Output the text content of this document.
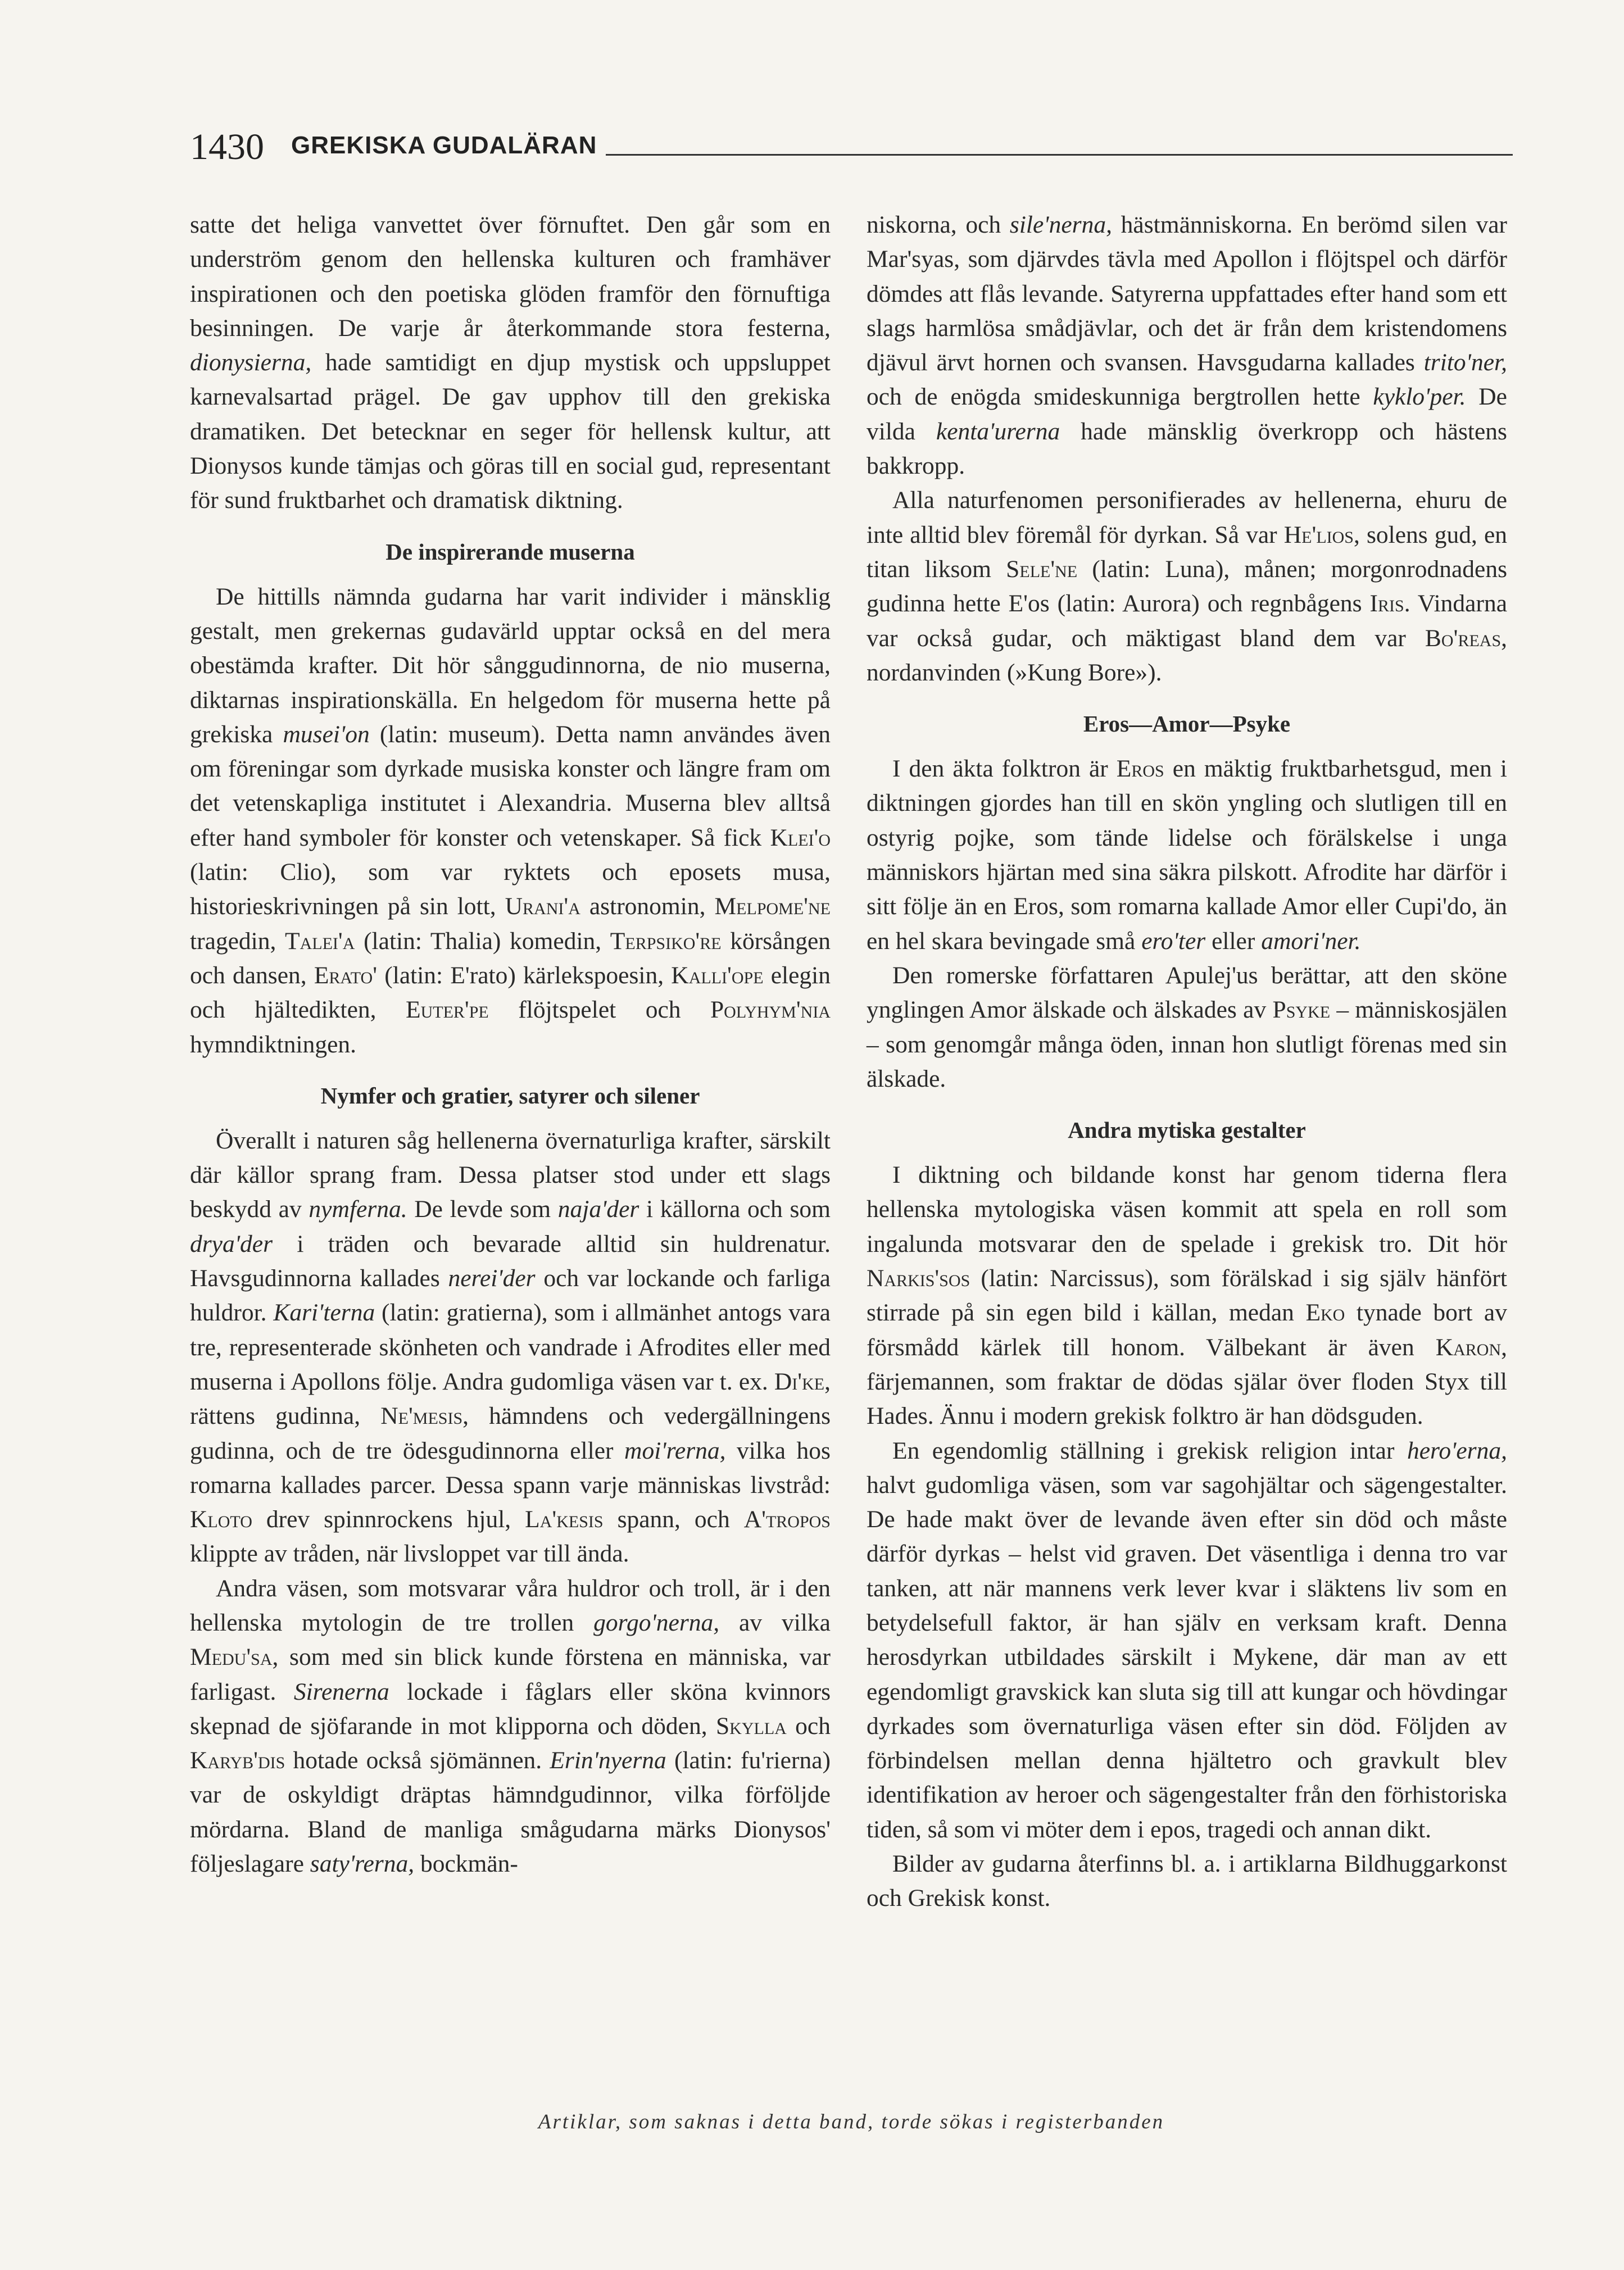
1430 GREKISKA GUDALÄRAN

satte det heliga vanvettet över förnuftet. Den går som en underström genom den hellenska kulturen och framhäver inspirationen och den poetiska glöden framför den förnuftiga besinningen. De varje år återkommande stora festerna, dionysierna, hade samtidigt en djup mystisk och uppsluppet karnevalsartad prägel. De gav upphov till den grekiska dramatiken. Det betecknar en seger för hellensk kultur, att Dionysos kunde tämjas och göras till en social gud, representant för sund fruktbarhet och dramatisk diktning.

De inspirerande muserna

De hittills nämnda gudarna har varit individer i mänsklig gestalt, men grekernas gudavärld upptar också en del mera obestämda krafter. Dit hör sånggudinnorna, de nio muserna, diktarnas inspirationskälla. En helgedom för muserna hette på grekiska musei'on (latin: museum). Detta namn användes även om föreningar som dyrkade musiska konster och längre fram om det vetenskapliga institutet i Alexandria. Muserna blev alltså efter hand symboler för konster och vetenskaper. Så fick Klei'o (latin: Clio), som var ryktets och eposets musa, historieskrivningen på sin lott, Urani'a astronomin, Melpome'ne tragedin, Talei'a (latin: Thalia) komedin, Terpsiko're körsången och dansen, Erato' (latin: E'rato) kärlekspoesin, Kalli'ope elegin och hjältedikten, Euter'pe flöjtspelet och Polyhym'nia hymndiktningen.

Nymfer och gratier, satyrer och silener

Överallt i naturen såg hellenerna övernaturliga krafter, särskilt där källor sprang fram. Dessa platser stod under ett slags beskydd av nymferna. De levde som naja'der i källorna och som drya'der i träden och bevarade alltid sin huldrenatur. Havsgudinnorna kallades nerei'der och var lockande och farliga huldror. Kari'terna (latin: gratierna), som i allmänhet antogs vara tre, representerade skönheten och vandrade i Afrodites eller med muserna i Apollons följe. Andra gudomliga väsen var t. ex. Di'ke, rättens gudinna, Ne'mesis, hämndens och vedergällningens gudinna, och de tre ödesgudinnorna eller moi'rerna, vilka hos romarna kallades parcer. Dessa spann varje människas livstråd: Kloto drev spinnrockens hjul, La'kesis spann, och A'tropos klippte av tråden, när livsloppet var till ända.

Andra väsen, som motsvarar våra huldror och troll, är i den hellenska mytologin de tre trollen gorgo'nerna, av vilka Medu'sa, som med sin blick kunde förstena en människa, var farligast. Sirenerna lockade i fåglars eller sköna kvinnors skepnad de sjöfarande in mot klipporna och döden, Skylla och Karyb'dis hotade också sjömännen. Erin'nyerna (latin: fu'rierna) var de oskyldigt dräptas hämndgudinnor, vilka förföljde mördarna. Bland de manliga smågudarna märks Dionysos' följeslagare saty'rerna, bockmän-

niskorna, och sile'nerna, hästmänniskorna. En berömd silen var Mar'syas, som djärvdes tävla med Apollon i flöjtspel och därför dömdes att flås levande. Satyrerna uppfattades efter hand som ett slags harmlösa smådjävlar, och det är från dem kristendomens djävul ärvt hornen och svansen. Havsgudarna kallades trito'ner, och de enögda smideskunniga bergtrollen hette kyklo'per. De vilda kenta'urerna hade mänsklig överkropp och hästens bakkropp.

Alla naturfenomen personifierades av hellenerna, ehuru de inte alltid blev föremål för dyrkan. Så var He'lios, solens gud, en titan liksom Sele'ne (latin: Luna), månen; morgonrodnadens gudinna hette E'os (latin: Aurora) och regnbågens Iris. Vindarna var också gudar, och mäktigast bland dem var Bo'reas, nordanvinden (»Kung Bore»).

Eros—Amor—Psyke

I den äkta folktron är Eros en mäktig fruktbarhetsgud, men i diktningen gjordes han till en skön yngling och slutligen till en ostyrig pojke, som tände lidelse och förälskelse i unga människors hjärtan med sina säkra pilskott. Afrodite har därför i sitt följe än en Eros, som romarna kallade Amor eller Cupi'do, än en hel skara bevingade små ero'ter eller amori'ner.

Den romerske författaren Apulej'us berättar, att den sköne ynglingen Amor älskade och älskades av Psyke – människosjälen – som genomgår många öden, innan hon slutligt förenas med sin älskade.

Andra mytiska gestalter

I diktning och bildande konst har genom tiderna flera hellenska mytologiska väsen kommit att spela en roll som ingalunda motsvarar den de spelade i grekisk tro. Dit hör Narkis'sos (latin: Narcissus), som förälskad i sig själv hänfört stirrade på sin egen bild i källan, medan Eko tynade bort av försmådd kärlek till honom. Välbekant är även Karon, färjemannen, som fraktar de dödas själar över floden Styx till Hades. Ännu i modern grekisk folktro är han dödsguden.

En egendomlig ställning i grekisk religion intar hero'erna, halvt gudomliga väsen, som var sagohjältar och sägengestalter. De hade makt över de levande även efter sin död och måste därför dyrkas – helst vid graven. Det väsentliga i denna tro var tanken, att när mannens verk lever kvar i släktens liv som en betydelsefull faktor, är han själv en verksam kraft. Denna herosdyrkan utbildades särskilt i Mykene, där man av ett egendomligt gravskick kan sluta sig till att kungar och hövdingar dyrkades som övernaturliga väsen efter sin död. Följden av förbindelsen mellan denna hjältetro och gravkult blev identifikation av heroer och sägengestalter från den förhistoriska tiden, så som vi möter dem i epos, tragedi och annan dikt.

Bilder av gudarna återfinns bl. a. i artiklarna Bildhuggarkonst och Grekisk konst.

Artiklar, som saknas i detta band, torde sökas i registerbanden
